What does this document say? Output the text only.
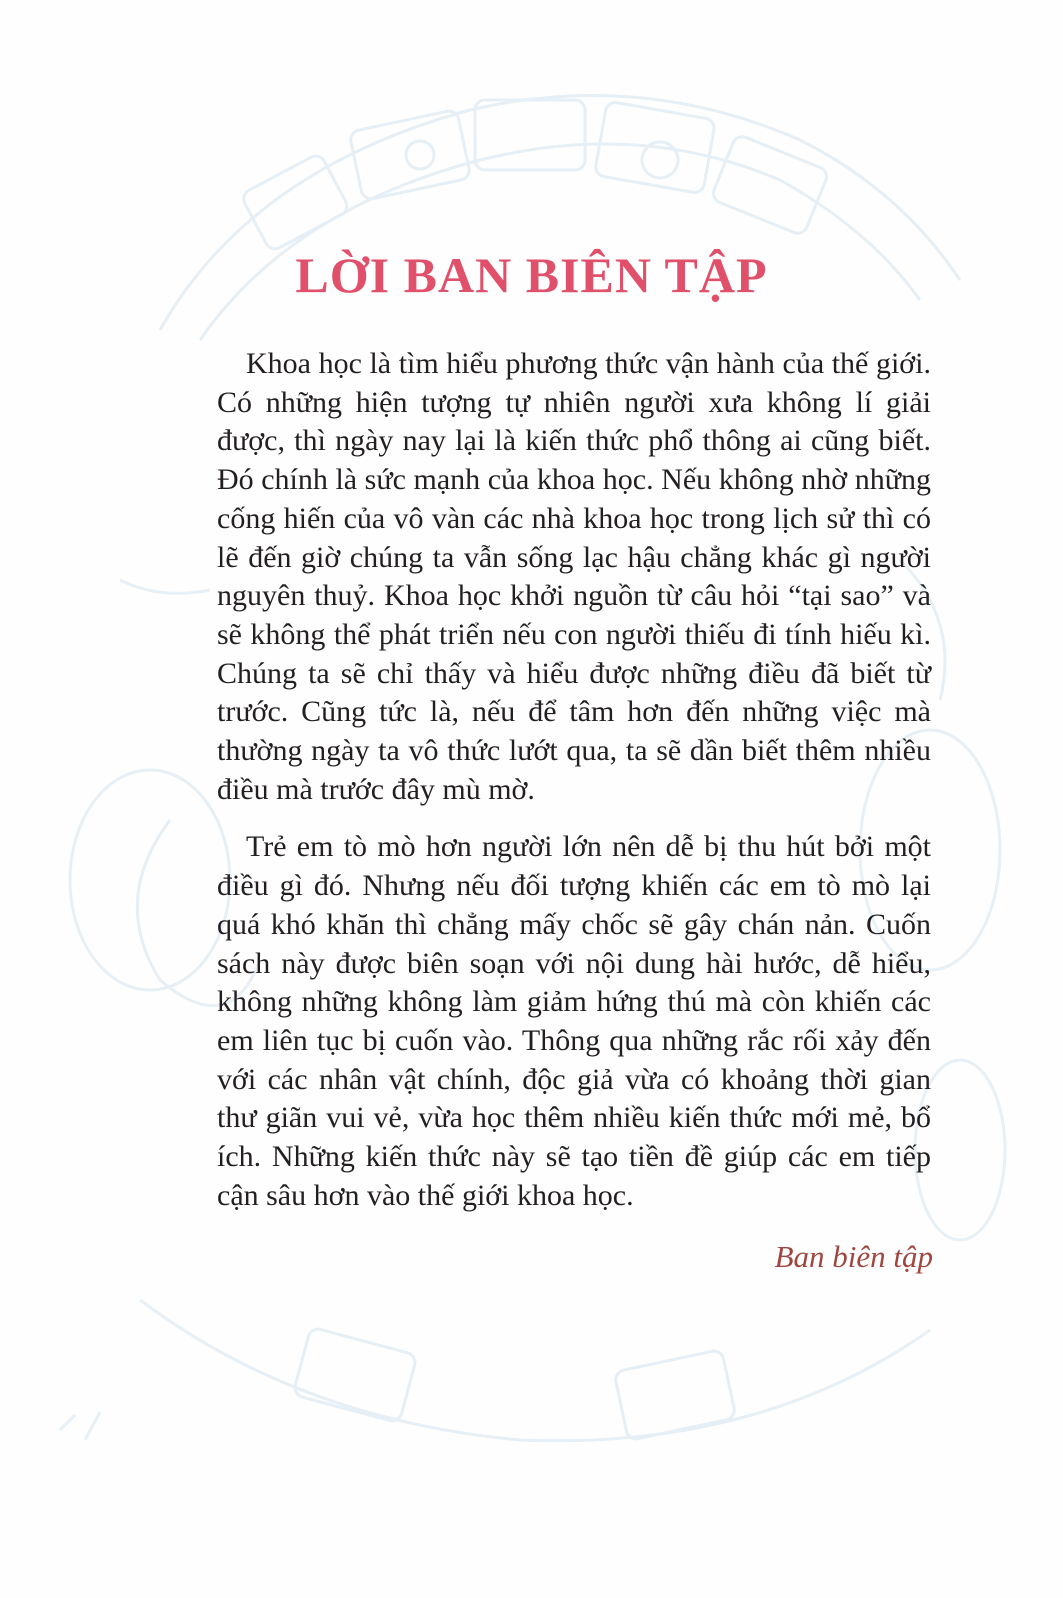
LỜI BAN BIÊN TẬP

Khoa học là tìm hiểu phương thức vận hành của thế giới. Có những hiện tượng tự nhiên người xưa không lí giải được, thì ngày nay lại là kiến thức phổ thông ai cũng biết. Đó chính là sức mạnh của khoa học. Nếu không nhờ những cống hiến của vô vàn các nhà khoa học trong lịch sử thì có lẽ đến giờ chúng ta vẫn sống lạc hậu chẳng khác gì người nguyên thuỷ. Khoa học khởi nguồn từ câu hỏi “tại sao” và sẽ không thể phát triển nếu con người thiếu đi tính hiếu kì. Chúng ta sẽ chỉ thấy và hiểu được những điều đã biết từ trước. Cũng tức là, nếu để tâm hơn đến những việc mà thường ngày ta vô thức lướt qua, ta sẽ dần biết thêm nhiều điều mà trước đây mù mờ.

Trẻ em tò mò hơn người lớn nên dễ bị thu hút bởi một điều gì đó. Nhưng nếu đối tượng khiến các em tò mò lại quá khó khăn thì chẳng mấy chốc sẽ gây chán nản. Cuốn sách này được biên soạn với nội dung hài hước, dễ hiểu, không những không làm giảm hứng thú mà còn khiến các em liên tục bị cuốn vào. Thông qua những rắc rối xảy đến với các nhân vật chính, độc giả vừa có khoảng thời gian thư giãn vui vẻ, vừa học thêm nhiều kiến thức mới mẻ, bổ ích. Những kiến thức này sẽ tạo tiền đề giúp các em tiếp cận sâu hơn vào thế giới khoa học.

Ban biên tập
